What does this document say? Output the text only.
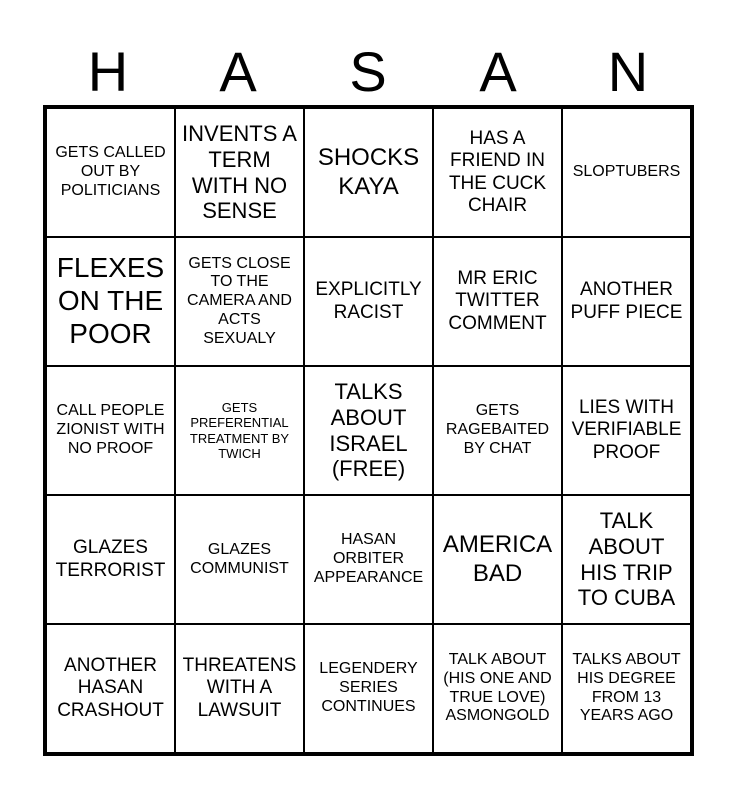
H	A	S	A	N
GETS CALLED OUT BY POLITICIANS
INVENTS A TERM WITH NO SENSE
SHOCKS KAYA
HAS A FRIEND IN THE CUCK CHAIR
SLOPTUBERS
FLEXES ON THE POOR
GETS CLOSE TO THE CAMERA AND ACTS SEXUALY
EXPLICITLY RACIST
MR ERIC TWITTER COMMENT
ANOTHER PUFF PIECE
CALL PEOPLE ZIONIST WITH NO PROOF
GETS PREFERENTIAL TREATMENT BY TWICH
TALKS ABOUT ISRAEL (FREE)
GETS RAGEBAITED BY CHAT
LIES WITH VERIFIABLE PROOF
GLAZES TERRORIST
GLAZES COMMUNIST
HASAN ORBITER APPEARANCE
AMERICA BAD
TALK ABOUT HIS TRIP TO CUBA
ANOTHER HASAN CRASHOUT
THREATENS WITH A LAWSUIT
LEGENDERY SERIES CONTINUES
TALK ABOUT (HIS ONE AND TRUE LOVE) ASMONGOLD
TALKS ABOUT HIS DEGREE FROM 13 YEARS AGO
